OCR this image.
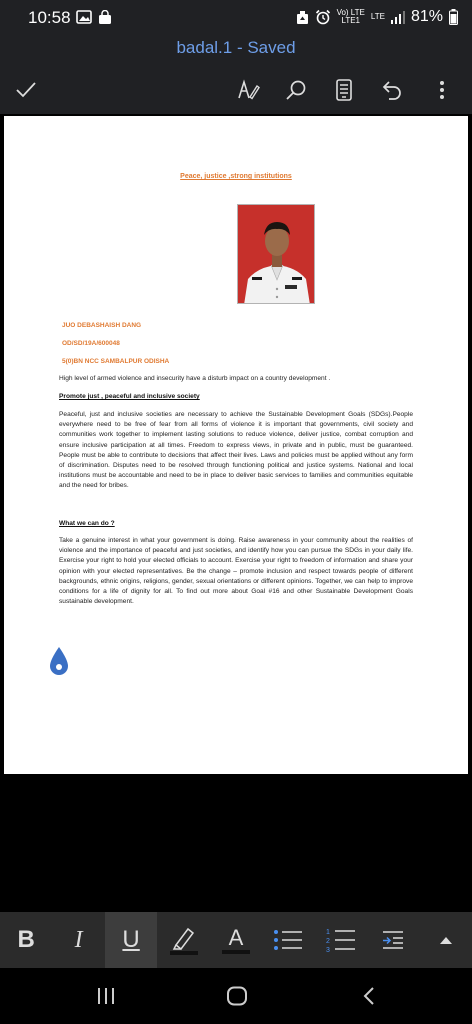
10:58	Vo) LTE
LTE1	LTE 81%
badal.1 - Saved
Peace, justice ,strong institutions
JUO DEBASHAISH DANG
OD/SD/19A/600048
5(0)BN NCC SAMBALPUR ODISHA
High level of armed violence and insecurity have a disturb impact on a country development .
Promote just , peaceful and inclusive society
Peaceful, just and inclusive societies are necessary to achieve the Sustainable Development Goals (SDGs).People everywhere need to be free of fear from all forms of violence it is important that governments, civil society and communities work together to implement lasting solutions to reduce violence, deliver justice, combat corruption and ensure inclusive participation at all times. Freedom to express views, in private and in public, must be guaranteed. People must be able to contribute to decisions that affect their lives. Laws and policies must be applied without any form of discrimination. Disputes need to be resolved through functioning political and justice systems. National and local institutions must be accountable and need to be in place to deliver basic services to families and communities equitable and the need for bribes.
What we can do ?
Take a genuine interest in what your government is doing. Raise awareness in your community about the realities of violence and the importance of peaceful and just societies, and identify how you can pursue the SDGs in your daily life. Exercise your right to hold your elected officials to account. Exercise your right to freedom of information and share your opinion with your elected representatives. Be the change – promote inclusion and respect towards people of different backgrounds, ethnic origins, religions, gender, sexual orientations or different opinions. Together, we can help to improve conditions for a life of dignity for all. To find out more about Goal #16 and other Sustainable Development Goals sustainable development.
B I U	A	1
2
3
